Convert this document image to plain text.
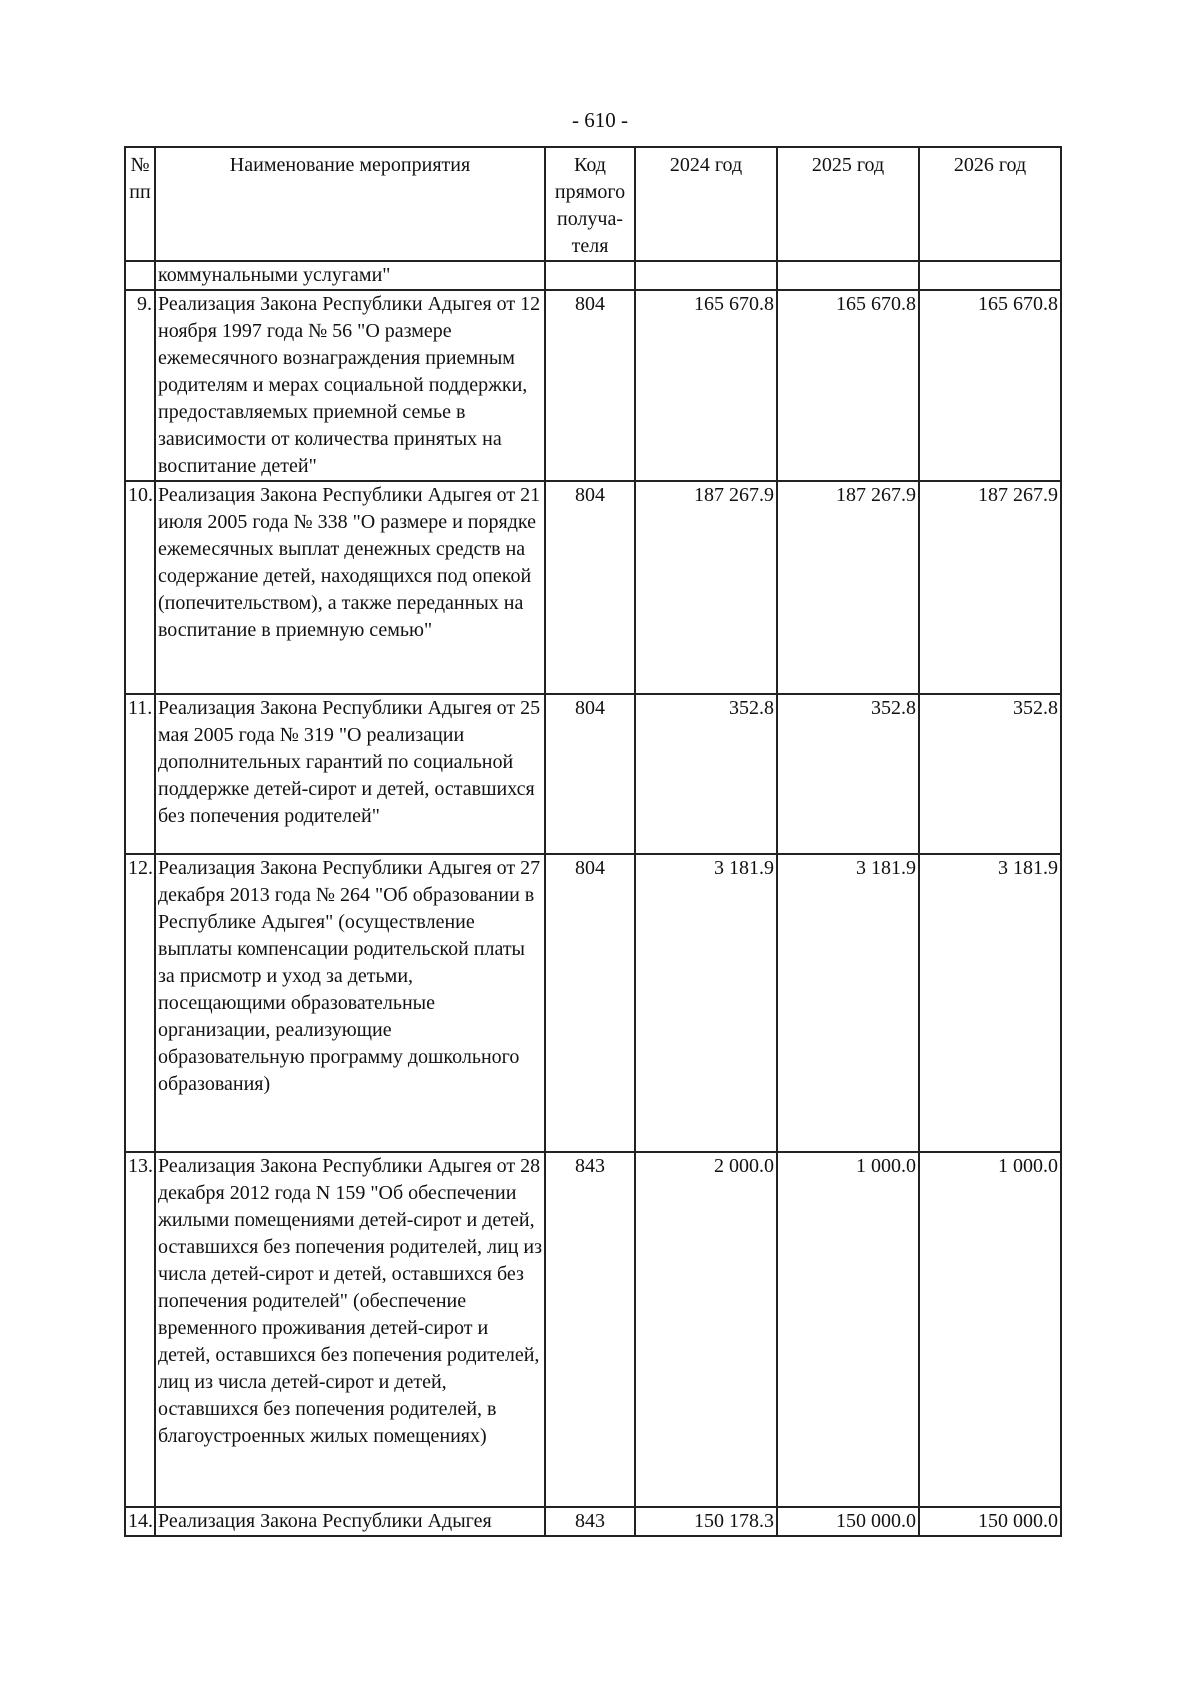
- 610 -
№ пп	Наименование мероприятия	Код прямого получа-теля	2024 год	2025 год	2026 год
	коммунальными услугами"				
9.	Реализация Закона Республики Адыгея от 12 ноября 1997 года № 56 "О размере ежемесячного вознаграждения приемным родителям и мерах социальной поддержки, предоставляемых приемной семье в зависимости от количества принятых на воспитание детей"	804	165 670.8	165 670.8	165 670.8
10.	Реализация Закона Республики Адыгея от 21 июля 2005 года № 338 "О размере и порядке ежемесячных выплат денежных средств на содержание детей, находящихся под опекой (попечительством), а также переданных на воспитание в приемную семью"	804	187 267.9	187 267.9	187 267.9
11.	Реализация Закона Республики Адыгея от 25 мая 2005 года № 319 "О реализации дополнительных гарантий по социальной поддержке детей-сирот и детей, оставшихся без попечения родителей"	804	352.8	352.8	352.8
12.	Реализация Закона Республики Адыгея от 27 декабря 2013 года № 264 "Об образовании в Республике Адыгея" (осуществление выплаты компенсации родительской платы за присмотр и уход за детьми, посещающими образовательные организации, реализующие образовательную программу дошкольного образования)	804	3 181.9	3 181.9	3 181.9
13.	Реализация Закона Республики Адыгея от 28 декабря 2012 года N 159 "Об обеспечении жилыми помещениями детей-сирот и детей, оставшихся без попечения родителей, лиц из числа детей-сирот и детей, оставшихся без попечения родителей" (обеспечение временного проживания детей-сирот и детей, оставшихся без попечения родителей, лиц из числа детей-сирот и детей, оставшихся без попечения родителей, в благоустроенных жилых помещениях)	843	2 000.0	1 000.0	1 000.0
14.	Реализация Закона Республики Адыгея	843	150 178.3	150 000.0	150 000.0
